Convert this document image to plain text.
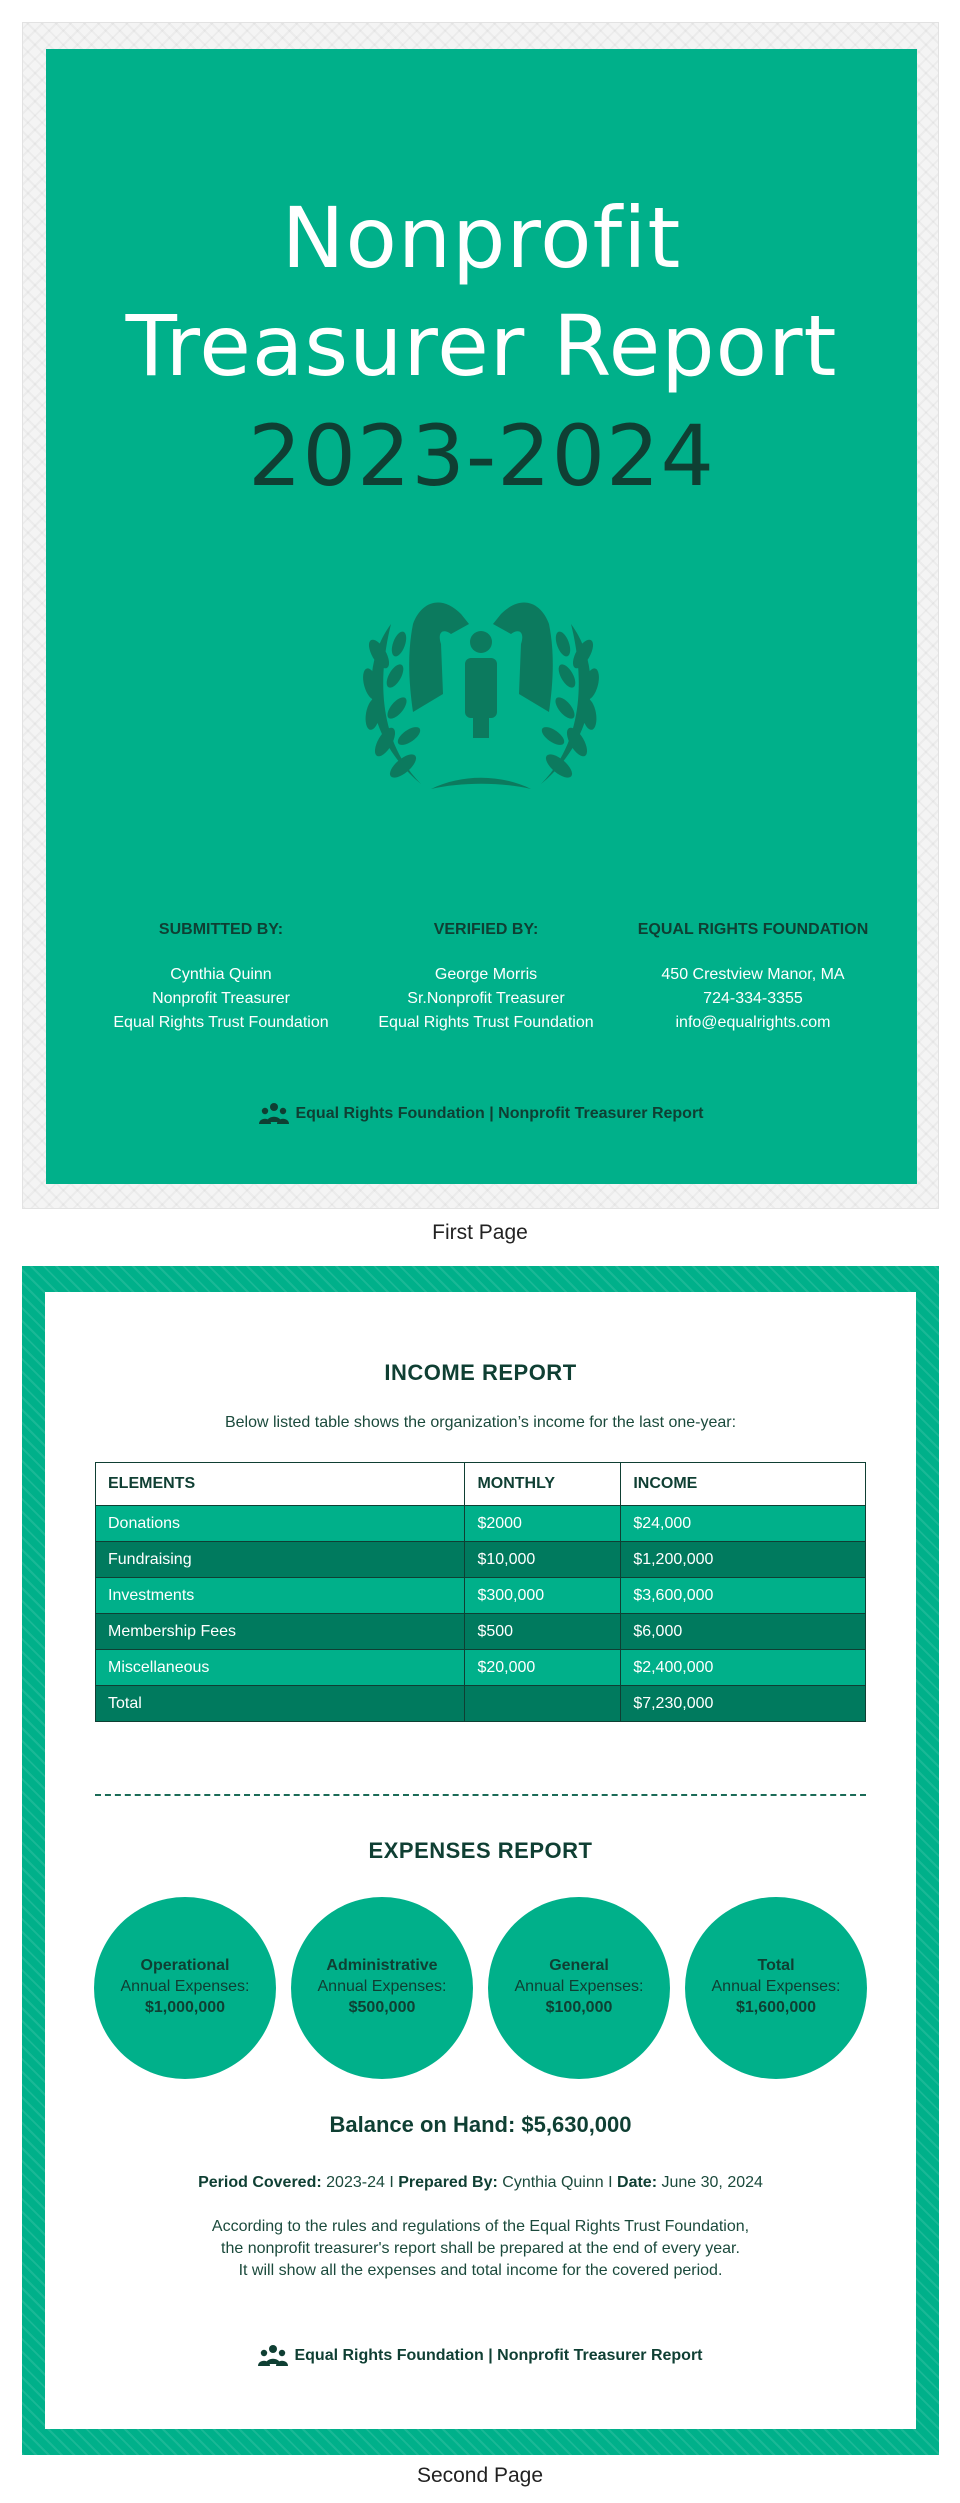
Nonprofit
Treasurer Report
2023-2024
SUBMITTED BY:
Cynthia Quinn
Nonprofit Treasurer
Equal Rights Trust Foundation
VERIFIED BY:
George Morris
Sr.Nonprofit Treasurer
Equal Rights Trust Foundation
EQUAL RIGHTS FOUNDATION
450 Crestview Manor, MA
724-334-3355
info@equalrights.com
Equal Rights Foundation | Nonprofit Treasurer Report
First Page
INCOME REPORT
Below listed table shows the organization’s income for the last one-year:
ELEMENTS	MONTHLY	INCOME
Donations	$2000	$24,000
Fundraising	$10,000	$1,200,000
Investments	$300,000	$3,600,000
Membership Fees	$500	$6,000
Miscellaneous	$20,000	$2,400,000
Total		$7,230,000
EXPENSES REPORT
Operational
Annual Expenses:
$1,000,000
Administrative
Annual Expenses:
$500,000
General
Annual Expenses:
$100,000
Total
Annual Expenses:
$1,600,000
Balance on Hand: $5,630,000
Period Covered: 2023-24 I Prepared By: Cynthia Quinn I Date: June 30, 2024
According to the rules and regulations of the Equal Rights Trust Foundation,
the nonprofit treasurer's report shall be prepared at the end of every year.
It will show all the expenses and total income for the covered period.
Equal Rights Foundation | Nonprofit Treasurer Report
Second Page
